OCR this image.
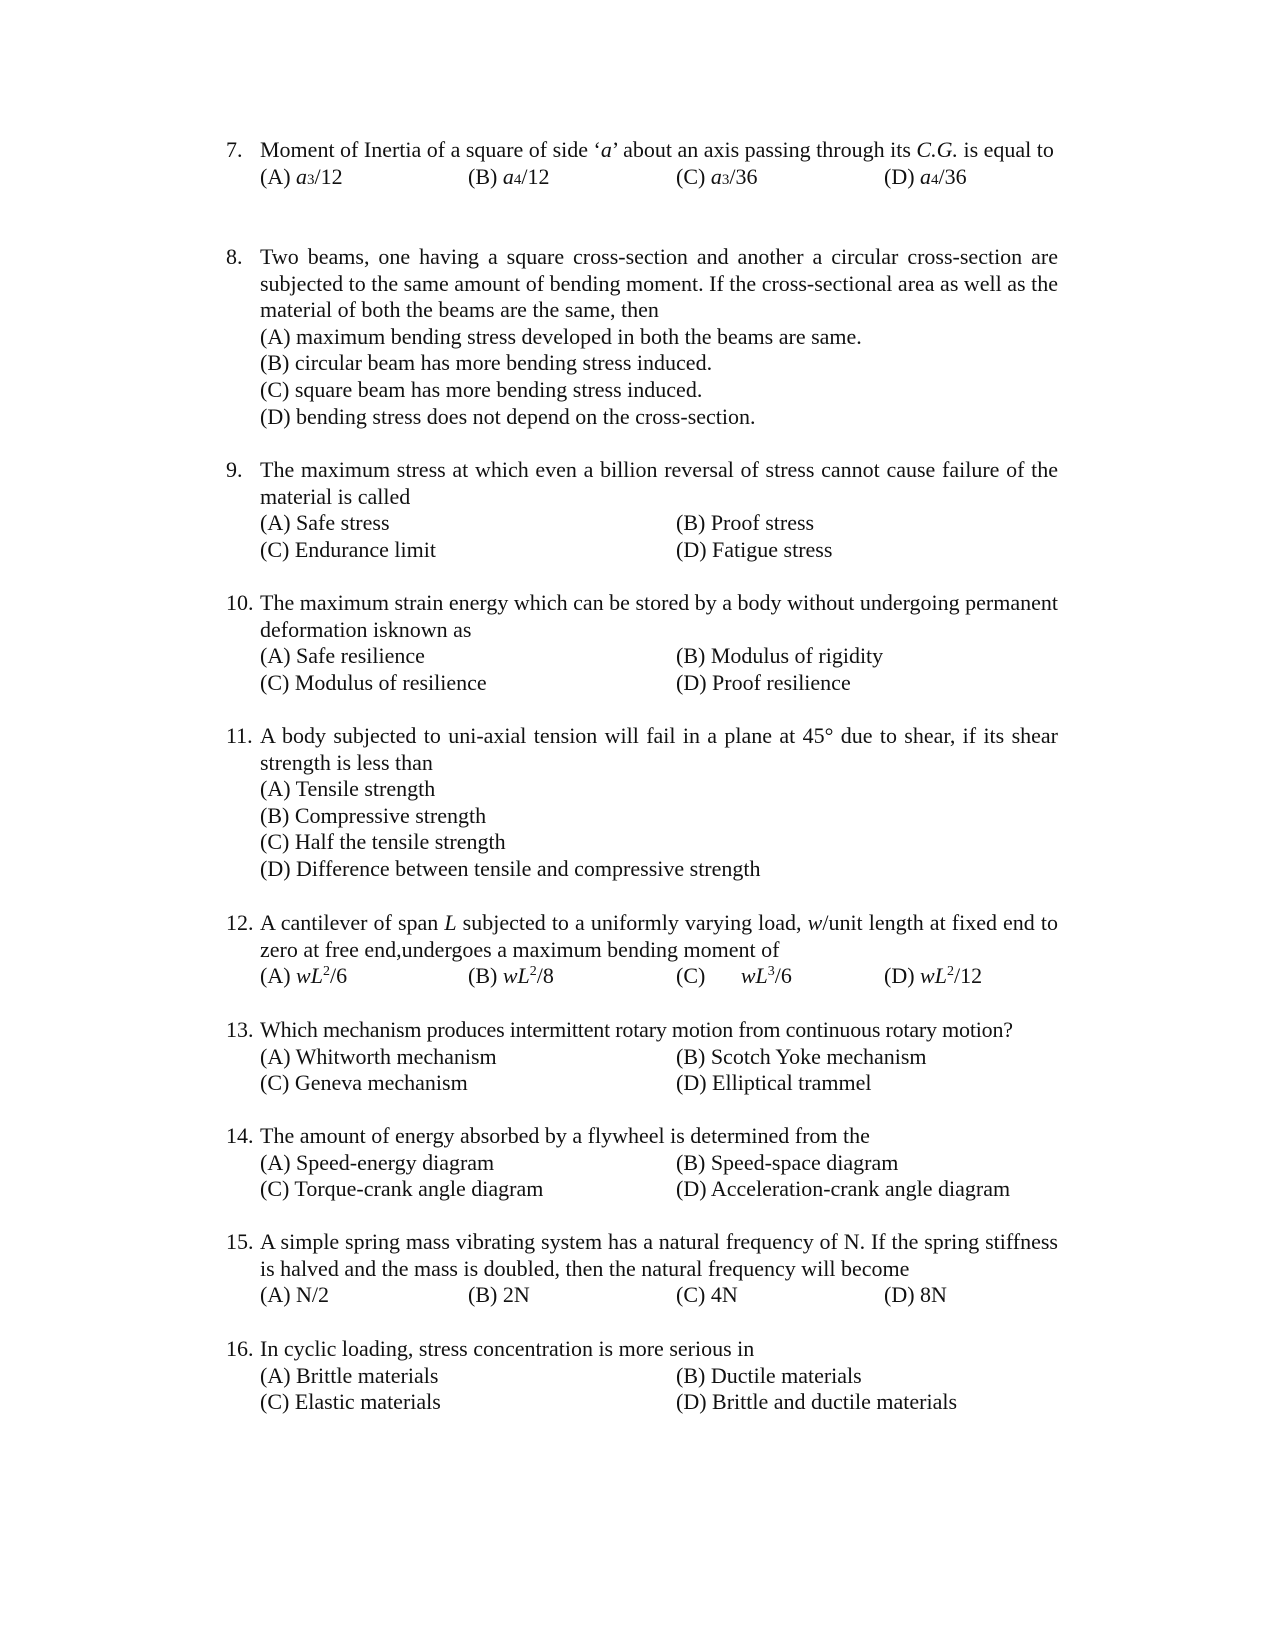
7. Moment of Inertia of a square of side ‘a’ about an axis passing through its C.G. is equal to
(A) a3/12	(B) a4/12	(C) a3/36	(D) a4/36
8. Two beams, one having a square cross-section and another a circular cross-section are subjected to the same amount of bending moment. If the cross-sectional area as well as the material of both the beams are the same, then
(A) maximum bending stress developed in both the beams are same.
(B) circular beam has more bending stress induced.
(C) square beam has more bending stress induced.
(D) bending stress does not depend on the cross-section.
9. The maximum stress at which even a billion reversal of stress cannot cause failure of the material is called
(A) Safe stress	(B) Proof stress
(C) Endurance limit	(D) Fatigue stress
10. The maximum strain energy which can be stored by a body without undergoing permanent deformation isknown as
(A) Safe resilience	(B) Modulus of rigidity
(C) Modulus of resilience	(D) Proof resilience
11. A body subjected to uni-axial tension will fail in a plane at 45° due to shear, if its shear strength is less than
(A) Tensile strength
(B) Compressive strength
(C) Half the tensile strength
(D) Difference between tensile and compressive strength
12. A cantilever of span L subjected to a uniformly varying load, w/unit length at fixed end to zero at free end,undergoes a maximum bending moment of
(A) $wL^2/6$	(B) $wL^2/8$	(C) $wL^3/6$	(D) $wL^2/12$
13. Which mechanism produces intermittent rotary motion from continuous rotary motion?
(A) Whitworth mechanism	(B) Scotch Yoke mechanism
(C) Geneva mechanism	(D) Elliptical trammel
14. The amount of energy absorbed by a flywheel is determined from the
(A) Speed-energy diagram	(B) Speed-space diagram
(C) Torque-crank angle diagram	(D) Acceleration-crank angle diagram
15. A simple spring mass vibrating system has a natural frequency of N. If the spring stiffness is halved and the mass is doubled, then the natural frequency will become
(A) N/2	(B) 2N	(C) 4N	(D) 8N
16. In cyclic loading, stress concentration is more serious in
(A) Brittle materials	(B) Ductile materials
(C) Elastic materials	(D) Brittle and ductile materials
